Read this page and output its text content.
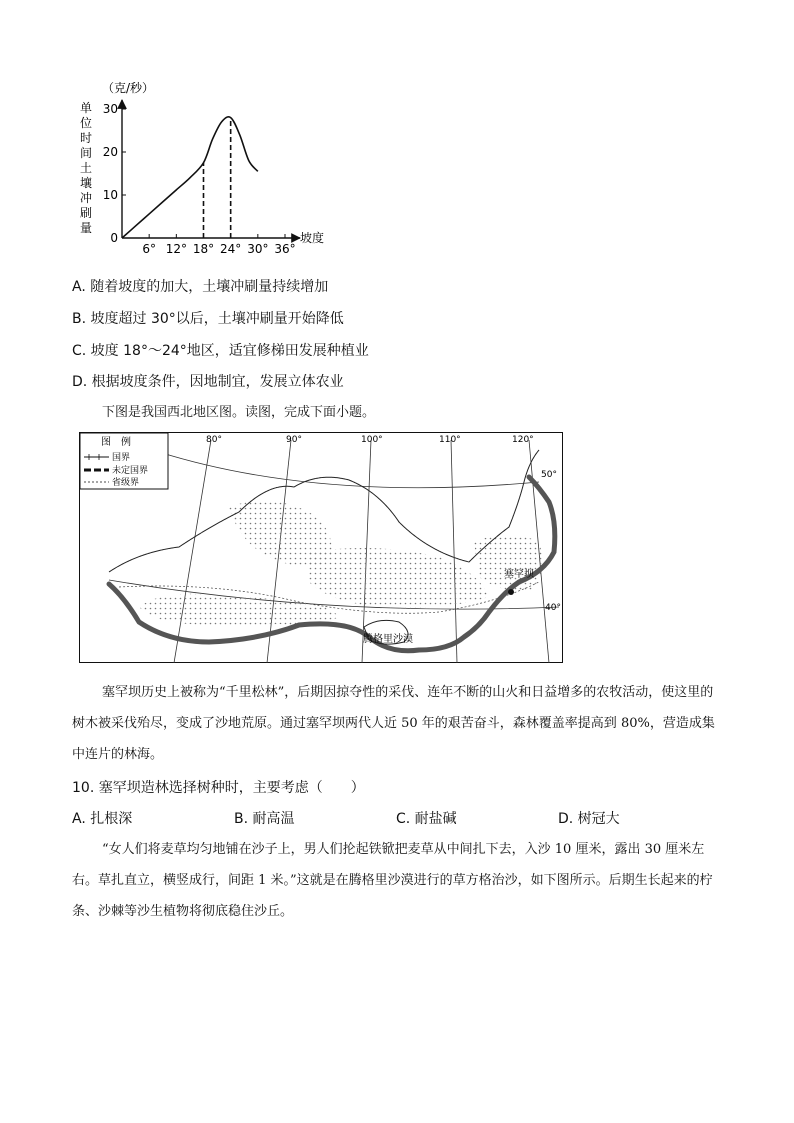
（克/秒）
单
位
时
间
土
壤
冲
刷
量
0
10
20
30
6° 12° 18° 24° 30° 36°
坡度
A. 随着坡度的加大，土壤冲刷量持续增加
B. 坡度超过 30°以后，土壤冲刷量开始降低
C. 坡度 18°～24°地区，适宜修梯田发展种植业
D. 根据坡度条件，因地制宜，发展立体农业
下图是我国西北地区图。读图，完成下面小题。
图　例
国界
未定国界
省级界
80°	90°	100°	110°	120°
50°
40°
塞罕坝
腾格里沙漠
塞罕坝历史上被称为“千里松林”，后期因掠夺性的采伐、连年不断的山火和日益增多的农牧活动，使这里的树木被采伐殆尽，变成了沙地荒原。通过塞罕坝两代人近 50 年的艰苦奋斗，森林覆盖率提高到 80%，营造成集中连片的林海。
10. 塞罕坝造林选择树种时，主要考虑（　　）
A. 扎根深	B. 耐高温	C. 耐盐碱	D. 树冠大
“女人们将麦草均匀地铺在沙子上，男人们抡起铁锨把麦草从中间扎下去，入沙 10 厘米，露出 30 厘米左右。草扎直立，横竖成行，间距 1 米。”这就是在腾格里沙漠进行的草方格治沙，如下图所示。后期生长起来的柠条、沙棘等沙生植物将彻底稳住沙丘。
